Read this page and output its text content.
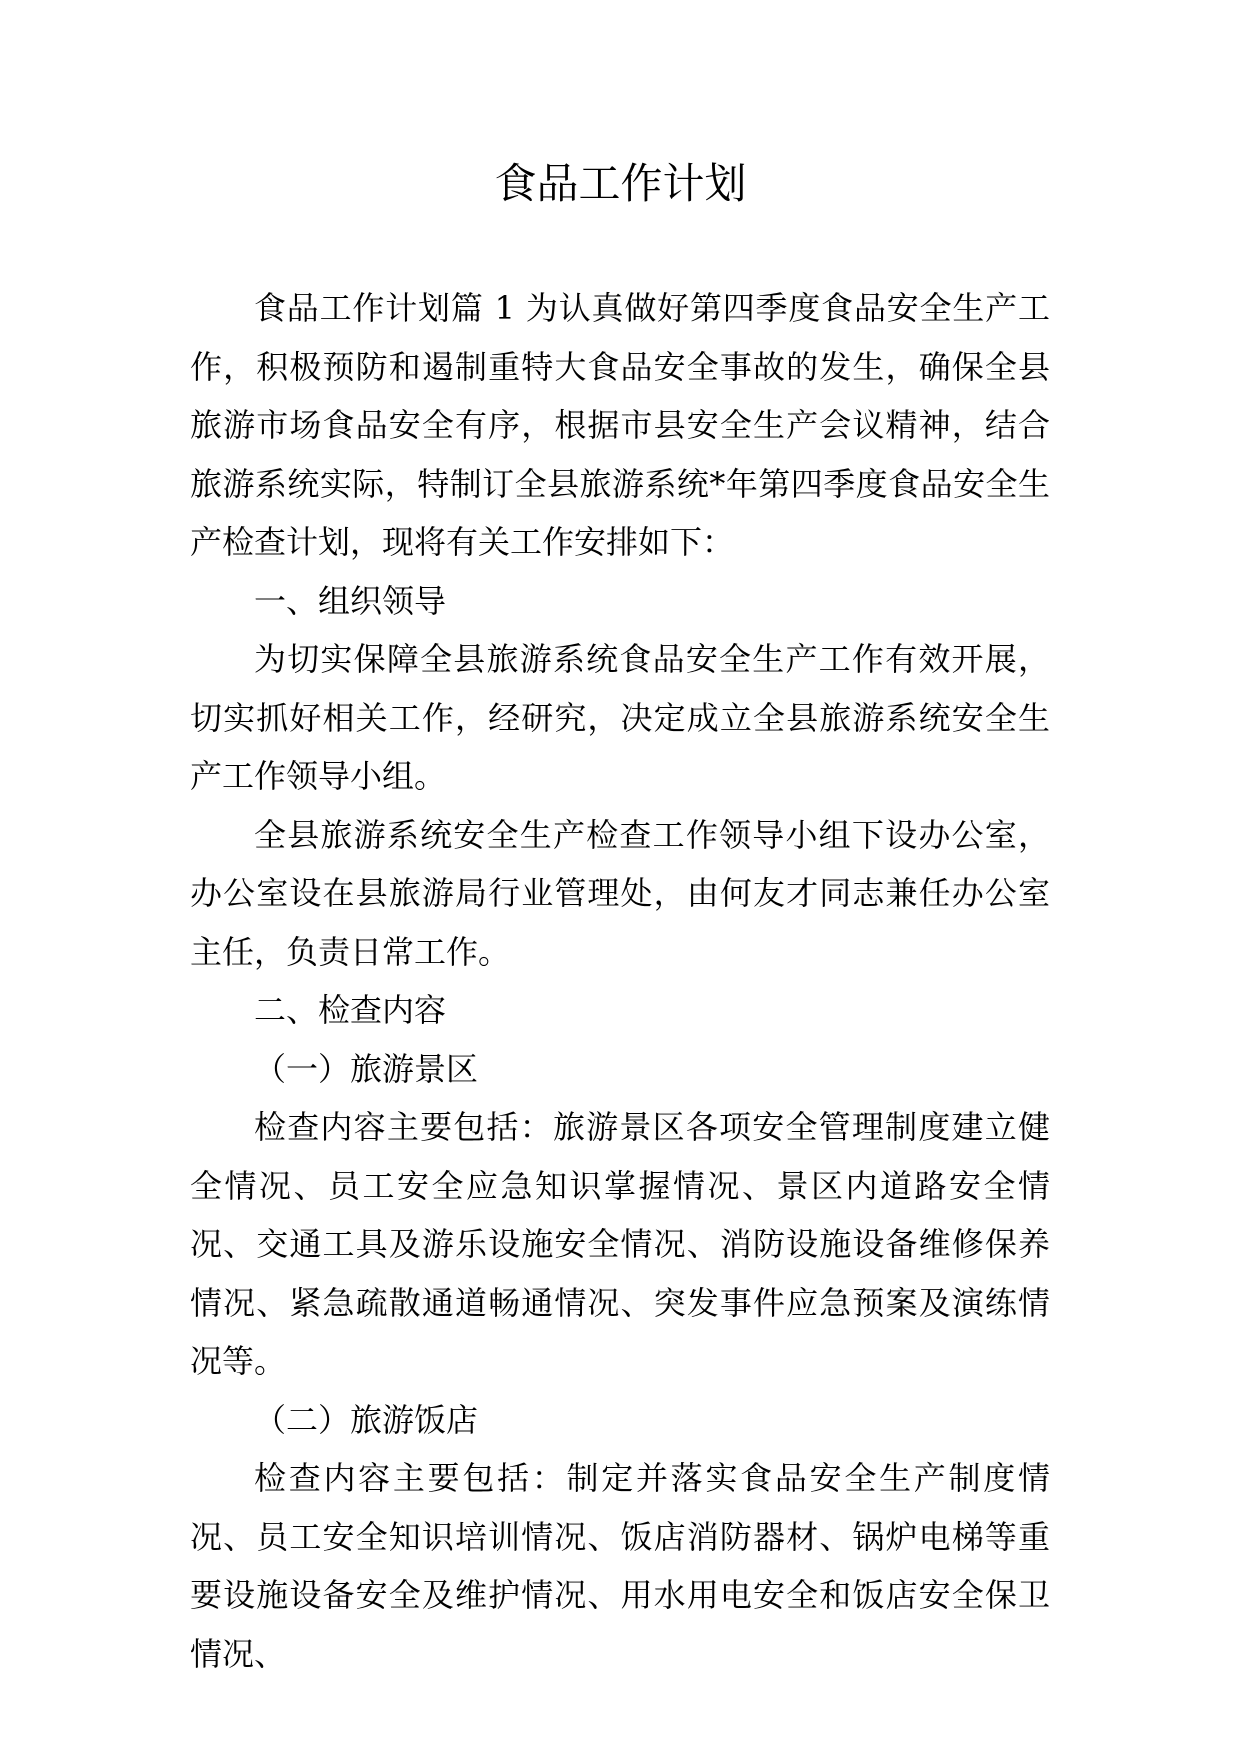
食品工作计划

食品工作计划篇 1 为认真做好第四季度食品安全生产工作，积极预防和遏制重特大食品安全事故的发生，确保全县旅游市场食品安全有序，根据市县安全生产会议精神，结合旅游系统实际，特制订全县旅游系统*年第四季度食品安全生产检查计划，现将有关工作安排如下：

一、组织领导

为切实保障全县旅游系统食品安全生产工作有效开展，切实抓好相关工作，经研究，决定成立全县旅游系统安全生产工作领导小组。

全县旅游系统安全生产检查工作领导小组下设办公室，办公室设在县旅游局行业管理处，由何友才同志兼任办公室主任，负责日常工作。

二、检查内容

（一）旅游景区

检查内容主要包括：旅游景区各项安全管理制度建立健全情况、员工安全应急知识掌握情况、景区内道路安全情况、交通工具及游乐设施安全情况、消防设施设备维修保养情况、紧急疏散通道畅通情况、突发事件应急预案及演练情况等。

（二）旅游饭店

检查内容主要包括：制定并落实食品安全生产制度情况、员工安全知识培训情况、饭店消防器材、锅炉电梯等重要设施设备安全及维护情况、用水用电安全和饭店安全保卫情况、
